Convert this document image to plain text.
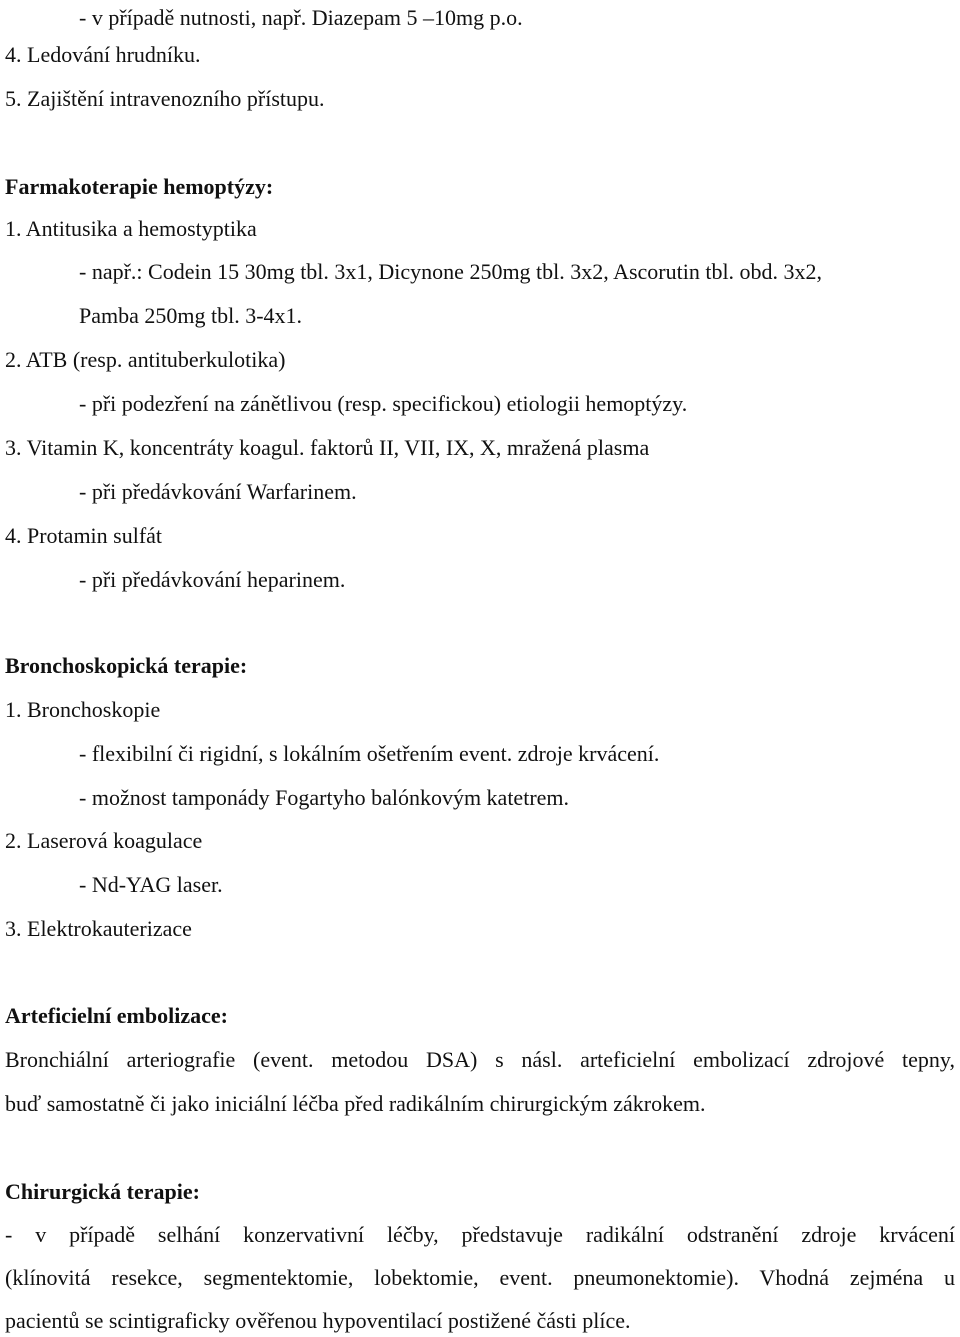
- v případě nutnosti, např. Diazepam 5 –10mg p.o.
4. Ledování hrudníku.
5. Zajištění intravenozního přístupu.
Farmakoterapie hemoptýzy:
1. Antitusika a hemostyptika
- např.: Codein 15 30mg tbl. 3x1, Dicynone 250mg tbl. 3x2, Ascorutin tbl. obd. 3x2,
Pamba 250mg tbl. 3-4x1.
2. ATB (resp. antituberkulotika)
- při podezření na zánětlivou (resp. specifickou) etiologii hemoptýzy.
3. Vitamin K, koncentráty koagul. faktorů II, VII, IX, X, mražená plasma
- při předávkování Warfarinem.
4. Protamin sulfát
- při předávkování heparinem.
Bronchoskopická terapie:
1. Bronchoskopie
- flexibilní či rigidní, s lokálním ošetřením event. zdroje krvácení.
- možnost tamponády Fogartyho balónkovým katetrem.
2. Laserová koagulace
- Nd-YAG laser.
3. Elektrokauterizace
Arteficielní embolizace:
Bronchiální arteriografie (event. metodou DSA) s násl. arteficielní embolizací zdrojové tepny,
buď samostatně či jako iniciální léčba před radikálním chirurgickým zákrokem.
Chirurgická terapie:
- v případě selhání konzervativní léčby, představuje radikální odstranění zdroje krvácení
(klínovitá resekce, segmentektomie, lobektomie, event. pneumonektomie). Vhodná zejména u
pacientů se scintigraficky ověřenou hypoventilací postižené části plíce.
